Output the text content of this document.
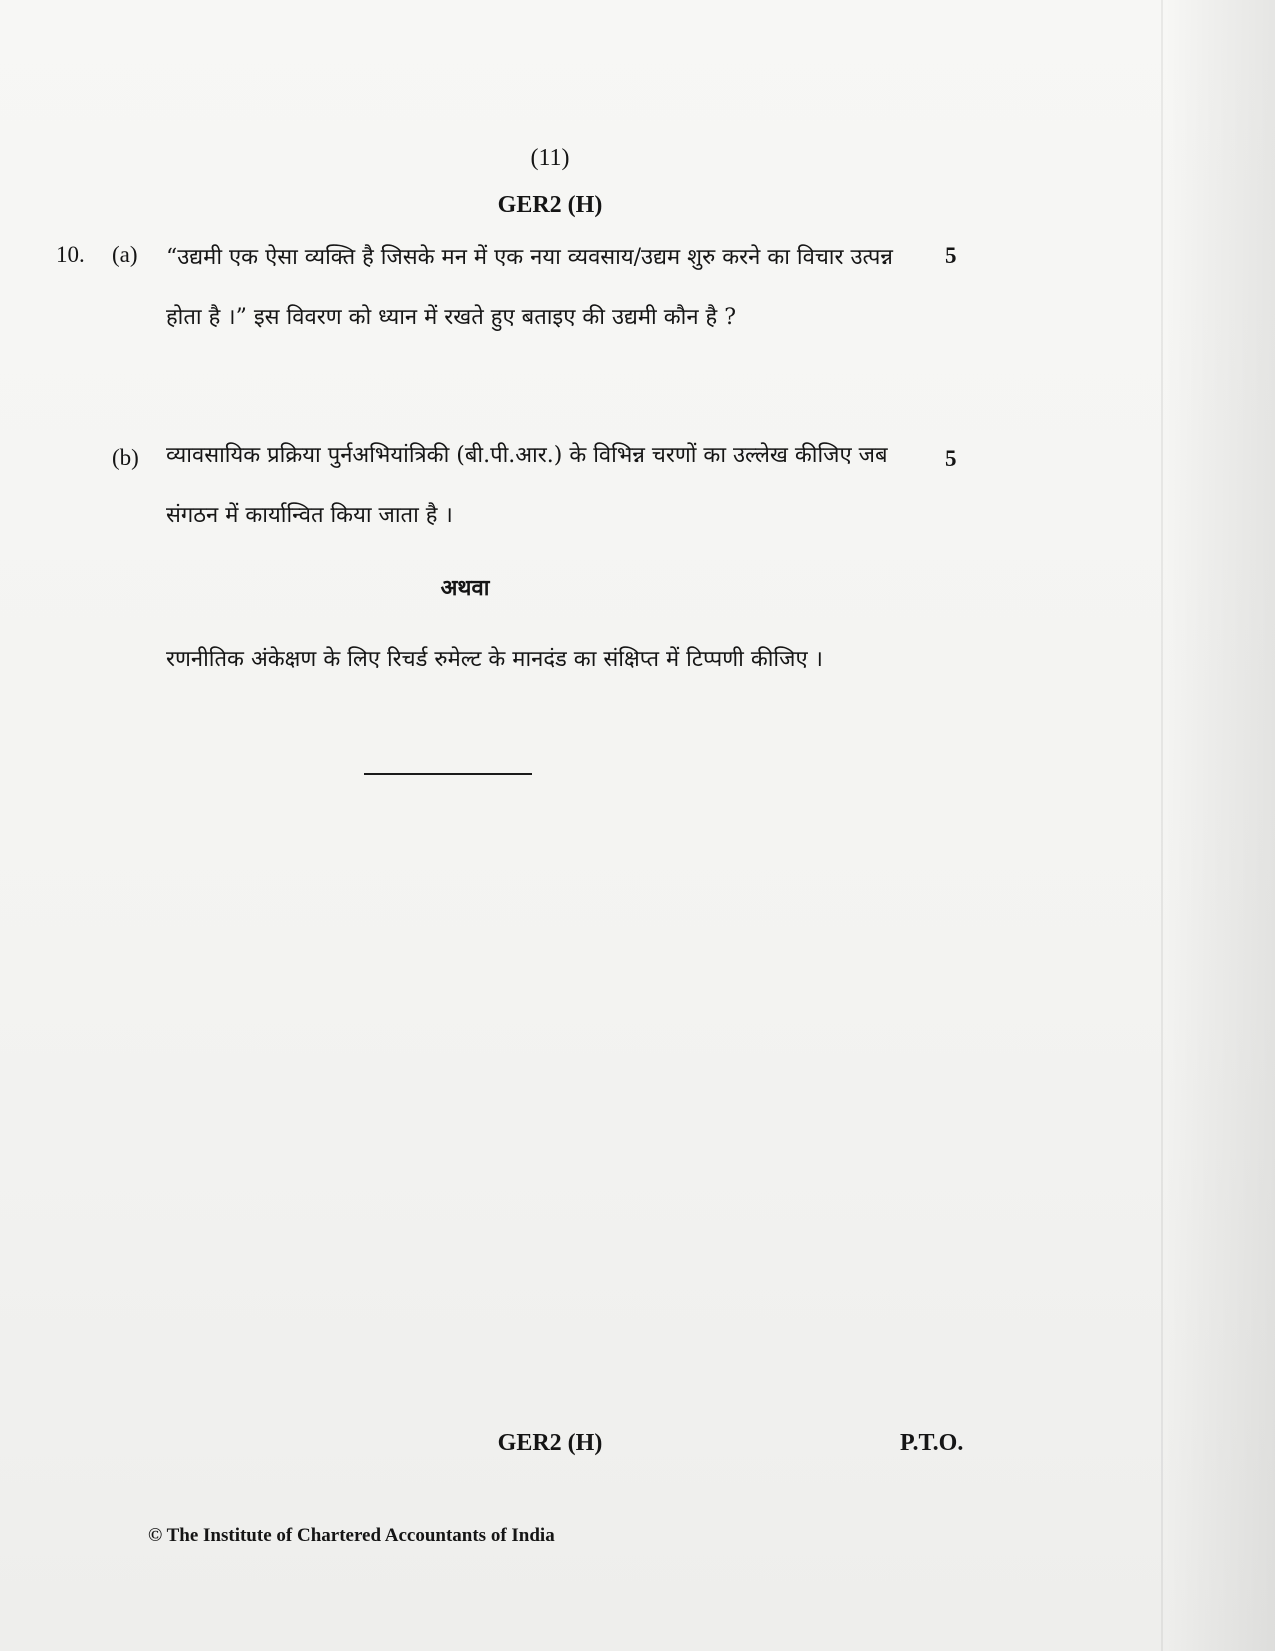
(11)
GER2 (H)
10. (a) “उद्यमी एक ऐसा व्यक्ति है जिसके मन में एक नया व्यवसाय/उद्यम शुरु करने का विचार उत्पन्न होता है ।” इस विवरण को ध्यान में रखते हुए बताइए की उद्यमी कौन है ?
5
(b) व्यावसायिक प्रक्रिया पुर्नअभियांत्रिकी (बी.पी.आर.) के विभिन्न चरणों का उल्लेख कीजिए जब संगठन में कार्यान्वित किया जाता है ।
5
अथवा
रणनीतिक अंकेक्षण के लिए रिचर्ड रुमेल्ट के मानदंड का संक्षिप्त में टिप्पणी कीजिए ।
GER2 (H)	P.T.O.
© The Institute of Chartered Accountants of India
